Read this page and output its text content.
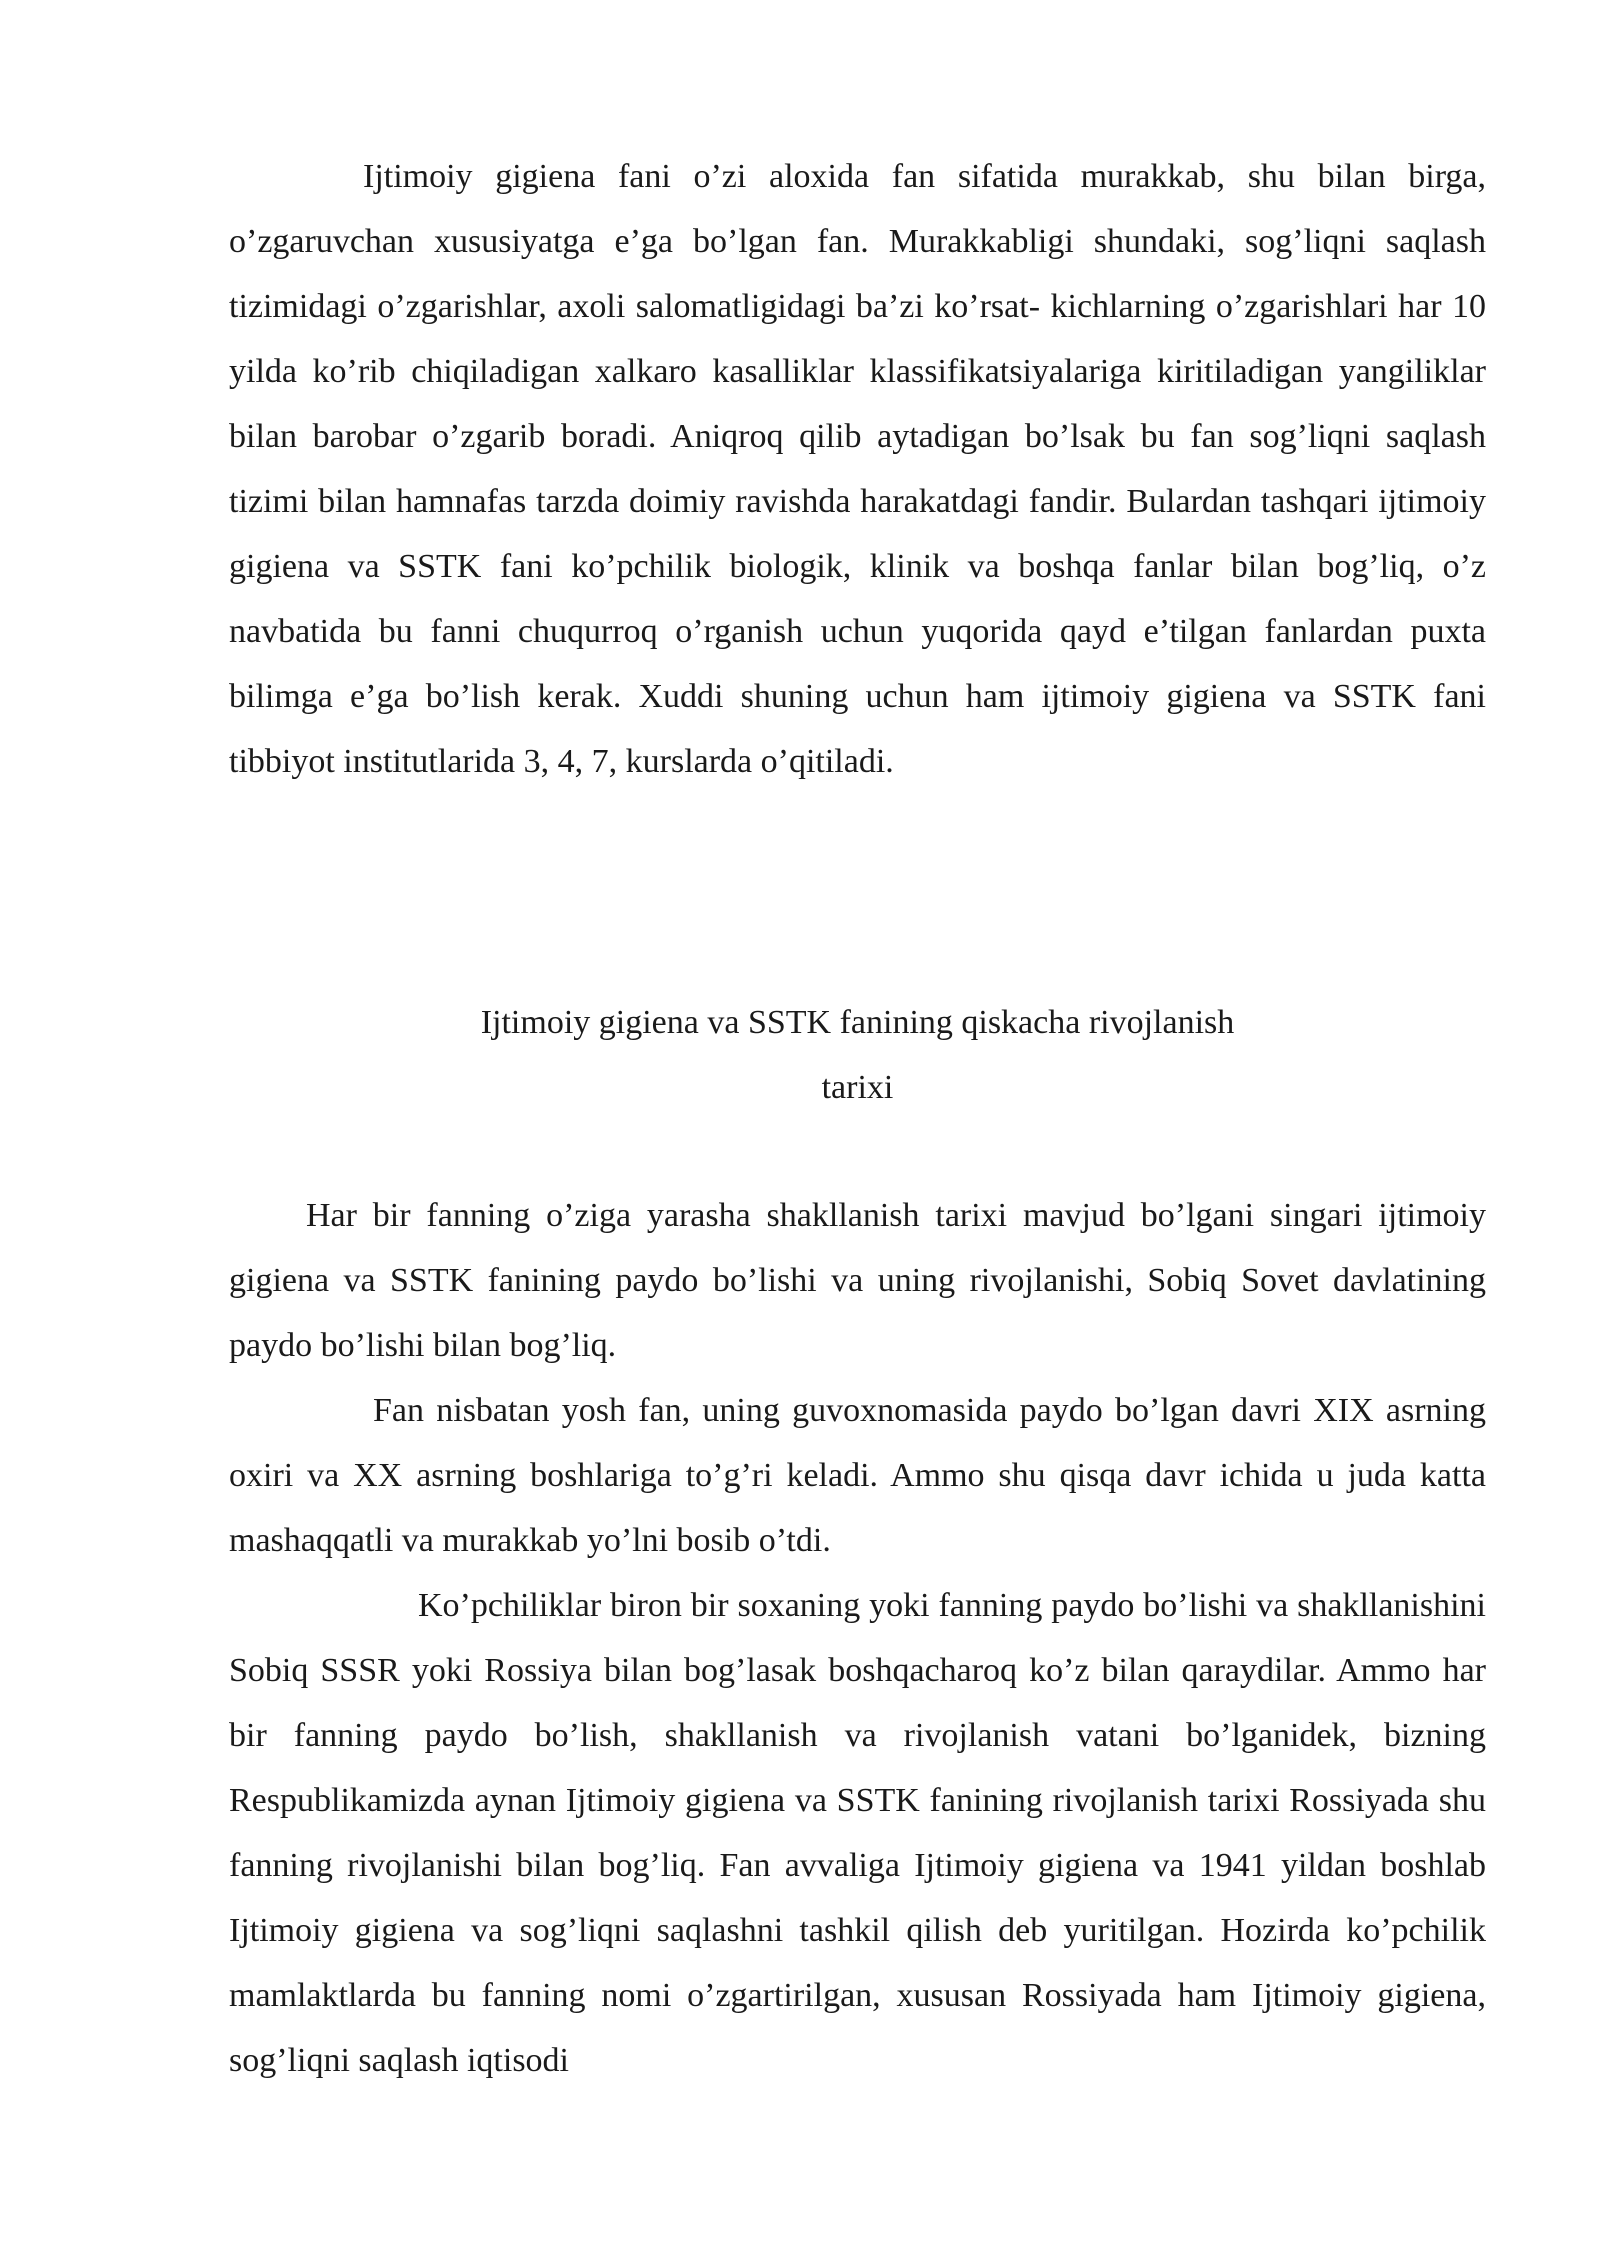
Ijtimoiy gigiena fani o’zi aloxida fan sifatida murakkab, shu bilan birga, o’zgaruvchan xususiyatga e’ga bo’lgan fan. Murakkabligi shundaki, sog’liqni saqlash tizimidagi o’zgarishlar, axoli salomatligidagi ba’zi ko’rsat- kichlarning o’zgarishlari har 10 yilda ko’rib chiqiladigan xalkaro kasalliklar klassifikatsiyalariga kiritiladigan yangiliklar bilan barobar o’zgarib boradi. Aniqroq qilib aytadigan bo’lsak bu fan sog’liqni saqlash tizimi bilan hamnafas tarzda doimiy ravishda harakatdagi fandir. Bulardan tashqari ijtimoiy gigiena va SSTK fani ko’pchilik biologik, klinik va boshqa fanlar bilan bog’liq, o’z navbatida bu fanni chuqurroq o’rganish uchun yuqorida qayd e’tilgan fanlardan puxta bilimga e’ga bo’lish kerak. Xuddi shuning uchun ham ijtimoiy gigiena va SSTK fani tibbiyot institutlarida 3, 4, 7, kurslarda o’qitiladi.

Ijtimoiy gigiena va SSTK fanining qiskacha rivojlanish
tarixi

Har bir fanning o’ziga yarasha shakllanish tarixi mavjud bo’lgani singari ijtimoiy gigiena va SSTK fanining paydo bo’lishi va uning rivojlanishi, Sobiq Sovet davlatining paydo bo’lishi bilan bog’liq.

Fan nisbatan yosh fan, uning guvoxnomasida paydo bo’lgan davri XIX asrning oxiri va XX asrning boshlariga to’g’ri keladi. Ammo shu qisqa davr ichida u juda katta mashaqqatli va murakkab yo’lni bosib o’tdi.

Ko’pchiliklar biron bir soxaning yoki fanning paydo bo’lishi va shakllanishini Sobiq SSSR yoki Rossiya bilan bog’lasak boshqacharoq ko’z bilan qaraydilar. Ammo har bir fanning paydo bo’lish, shakllanish va rivojlanish vatani bo’lganidek, bizning Respublikamizda aynan Ijtimoiy gigiena va SSTK fanining rivojlanish tarixi Rossiyada shu fanning rivojlanishi bilan bog’liq. Fan avvaliga Ijtimoiy gigiena va 1941 yildan boshlab Ijtimoiy gigiena va sog’liqni saqlashni tashkil qilish deb yuritilgan. Hozirda ko’pchilik mamlaktlarda bu fanning nomi o’zgartirilgan, xususan Rossiyada ham Ijtimoiy gigiena, sog’liqni saqlash iqtisodi
